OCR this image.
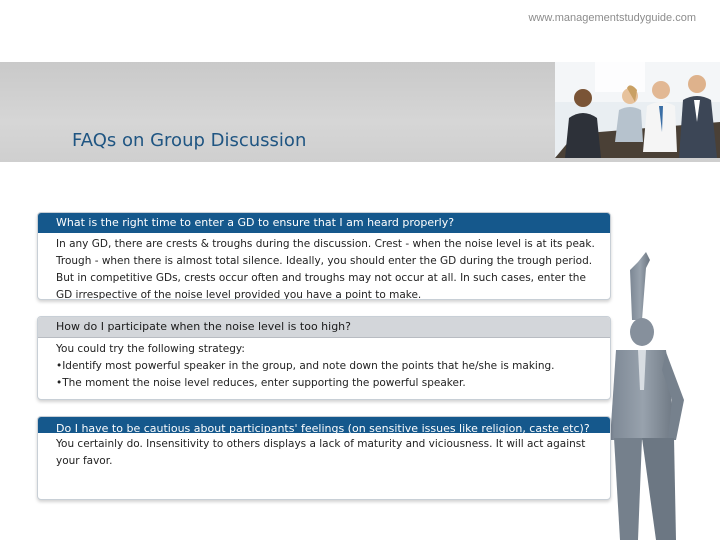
www.managementstudyguide.com
FAQs on Group Discussion
What is the right time to enter a GD to ensure that I am heard properly?
In any GD, there are crests & troughs during the discussion. Crest - when the noise level is at its peak. Trough - when there is almost total silence. Ideally, you should enter the GD during the trough period. But in competitive GDs, crests occur often and troughs may not occur at all. In such cases, enter the GD irrespective of the noise level provided you have a point to make.
How do I participate when the noise level is too high?
You could try the following strategy:
• Identify most powerful speaker in the group, and note down the points that he/she is making.
• The moment the noise level reduces, enter supporting the powerful speaker.
Do I have to be cautious about participants' feelings (on sensitive issues like religion, caste etc)?
You certainly do. Insensitivity to others displays a lack of maturity and viciousness. It will act against your favor.
